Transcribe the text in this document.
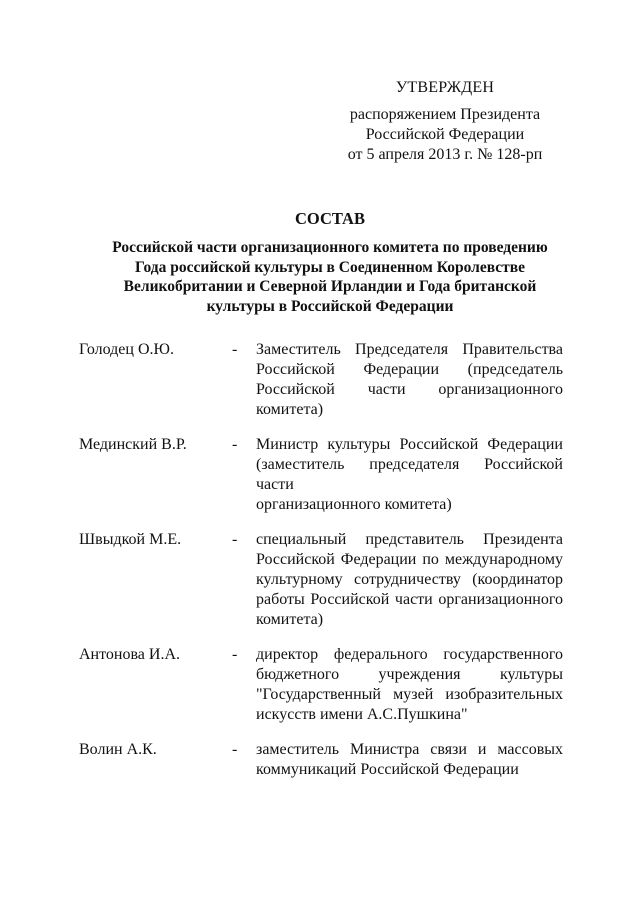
УТВЕРЖДЕН
распоряжением Президента
Российской Федерации
от 5 апреля 2013 г. № 128-рп
СОСТАВ
Российской части организационного комитета по проведению
Года российской культуры в Соединенном Королевстве
Великобритании и Северной Ирландии и Года британской
культуры в Российской Федерации
Голодец О.Ю.	-	Заместитель Председателя Правительства
Российской Федерации (председатель
Российской части организационного
комитета)
Мединский В.Р.	-	Министр культуры Российской Федерации
(заместитель председателя Российской части
организационного комитета)
Швыдкой М.Е.	-	специальный представитель Президента
Российской Федерации по международному
культурному сотрудничеству (координатор
работы Российской части организационного
комитета)
Антонова И.А.	-	директор федерального государственного
бюджетного учреждения культуры
"Государственный музей изобразительных
искусств имени А.С.Пушкина"
Волин А.К.	-	заместитель Министра связи и массовых
коммуникаций Российской Федерации
